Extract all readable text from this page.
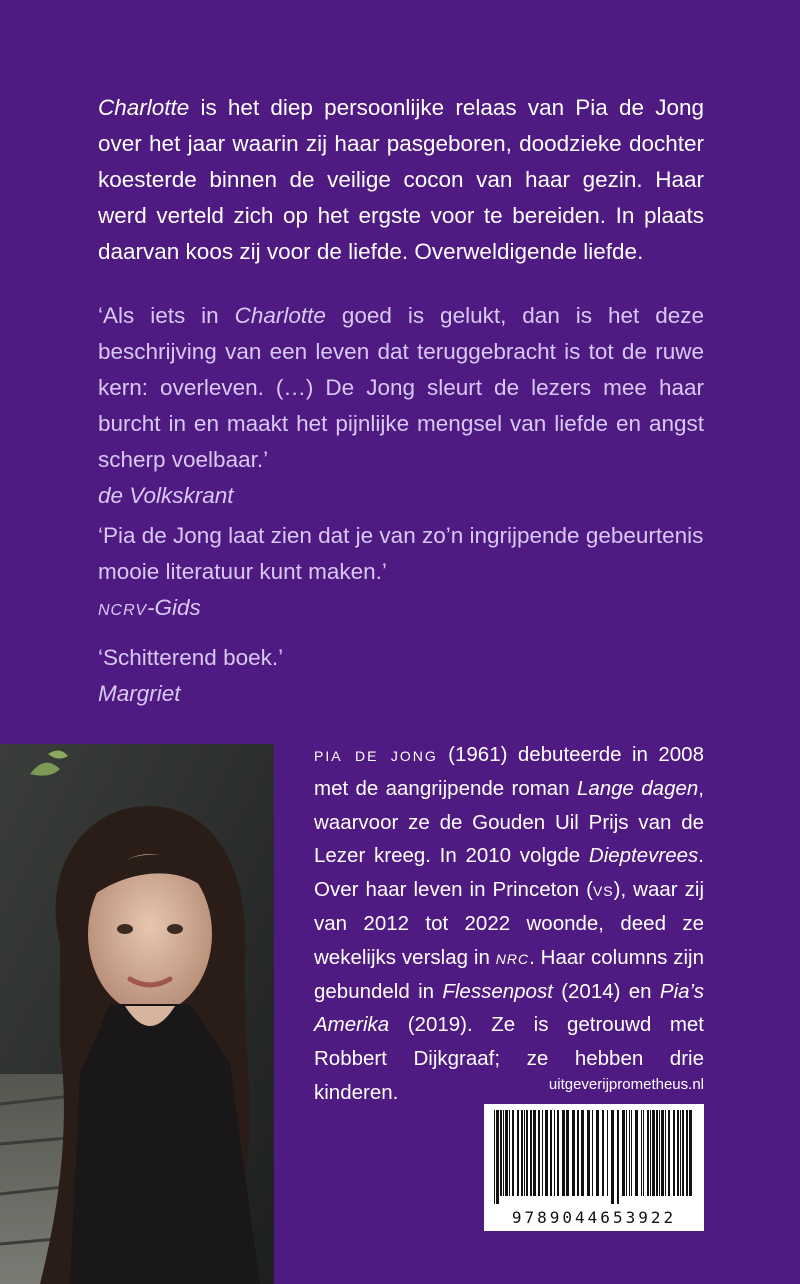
Charlotte is het diep persoonlijke relaas van Pia de Jong over het jaar waarin zij haar pasgeboren, doodzieke dochter koesterde binnen de veilige cocon van haar gezin. Haar werd verteld zich op het ergste voor te bereiden. In plaats daarvan koos zij voor de liefde. Overweldigende liefde.

‘Als iets in Charlotte goed is gelukt, dan is het deze beschrijving van een leven dat teruggebracht is tot de ruwe kern: overleven. (…) De Jong sleurt de lezers mee haar burcht in en maakt het pijnlijke mengsel van liefde en angst scherp voelbaar.’
de Volkskrant

‘Pia de Jong laat zien dat je van zo’n ingrijpende gebeurtenis mooie literatuur kunt maken.’
ncrv-Gids

‘Schitterend boek.’
Margriet

pia de jong (1961) debuteerde in 2008 met de aangrijpende roman Lange dagen, waarvoor ze de Gouden Uil Prijs van de Lezer kreeg. In 2010 volgde Dieptevrees. Over haar leven in Princeton (vs), waar zij van 2012 tot 2022 woonde, deed ze wekelijks verslag in nrc. Haar columns zijn gebundeld in Flessenpost (2014) en Pia’s Amerika (2019). Ze is getrouwd met Robbert Dijkgraaf; ze hebben drie kinderen.	uitgeverijprometheus.nl
9789044653922
